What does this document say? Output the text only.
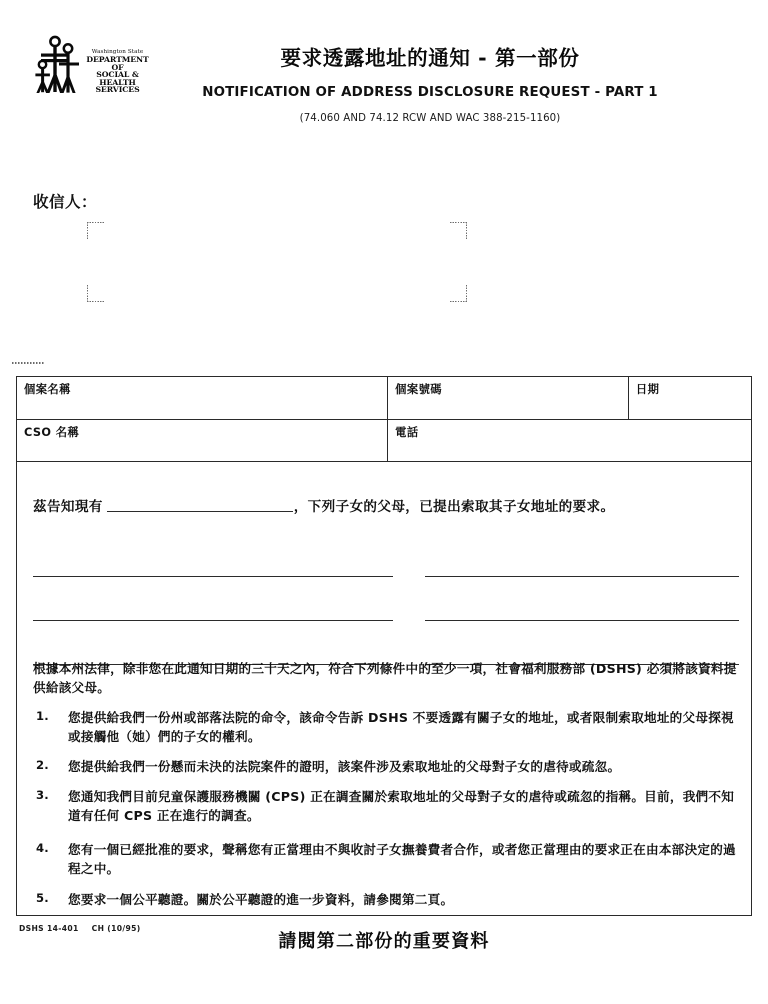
Washington State
DEPARTMENT OF
SOCIAL & HEALTH
SERVICES
要求透露地址的通知 - 第一部份
NOTIFICATION OF ADDRESS DISCLOSURE REQUEST - PART 1
(74.060 AND 74.12 RCW AND WAC 388-215-1160)
收信人：
個案名稱	個案號碼	日期

CSO 名稱	電話	
茲告知現有	，下列子女的父母，已提出索取其子女地址的要求。

根據本州法律，除非您在此通知日期的三十天之內，符合下列條件中的至少一項，社會福利服務部 (DSHS) 必須將該資料提供給該父母。

1.	您提供給我們一份州或部落法院的命令，該命令告訴 DSHS 不要透露有關子女的地址，或者限制索取地址的父母探視或接觸他（她）們的子女的權利。
2.	您提供給我們一份懸而未決的法院案件的證明，該案件涉及索取地址的父母對子女的虐待或疏忽。
3.	您通知我們目前兒童保護服務機關 (CPS) 正在調查關於索取地址的父母對子女的虐待或疏忽的指稱。目前，我們不知道有任何 CPS 正在進行的調查。
4.	您有一個已經批准的要求，聲稱您有正當理由不與收討子女撫養費者合作，或者您正當理由的要求正在由本部決定的過程之中。
5.	您要求一個公平聽證。關於公平聽證的進一步資料，請參閱第二頁。
DSHS 14-401 CH (10/95)
請閱第二部份的重要資料
